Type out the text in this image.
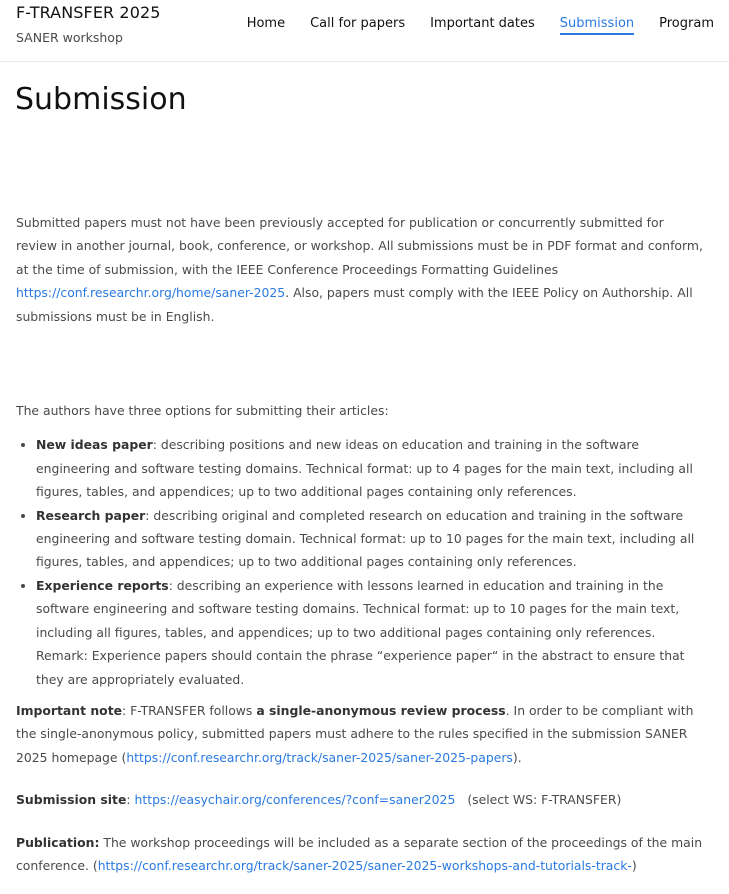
F-TRANSFER 2025
SANER workshop
Home Call for papers Important dates Submission Program
Submission

Submitted papers must not have been previously accepted for publication or concurrently submitted for review in another journal, book, conference, or workshop. All submissions must be in PDF format and conform, at the time of submission, with the IEEE Conference Proceedings Formatting Guidelines https://conf.researchr.org/home/saner-2025. Also, papers must comply with the IEEE Policy on Authorship. All submissions must be in English.

The authors have three options for submitting their articles:

• New ideas paper: describing positions and new ideas on education and training in the software engineering and software testing domains. Technical format: up to 4 pages for the main text, including all figures, tables, and appendices; up to two additional pages containing only references.
• Research paper: describing original and completed research on education and training in the software engineering and software testing domain. Technical format: up to 10 pages for the main text, including all figures, tables, and appendices; up to two additional pages containing only references.
• Experience reports: describing an experience with lessons learned in education and training in the software engineering and software testing domains. Technical format: up to 10 pages for the main text, including all figures, tables, and appendices; up to two additional pages containing only references. Remark: Experience papers should contain the phrase “experience paper“ in the abstract to ensure that they are appropriately evaluated.

Important note: F-TRANSFER follows a single-anonymous review process. In order to be compliant with the single-anonymous policy, submitted papers must adhere to the rules specified in the submission SANER 2025 homepage (https://conf.researchr.org/track/saner-2025/saner-2025-papers).

Submission site: https://easychair.org/conferences/?conf=saner2025 (select WS: F-TRANSFER)

Publication: The workshop proceedings will be included as a separate section of the proceedings of the main conference. (https://conf.researchr.org/track/saner-2025/saner-2025-workshops-and-tutorials-track-)
